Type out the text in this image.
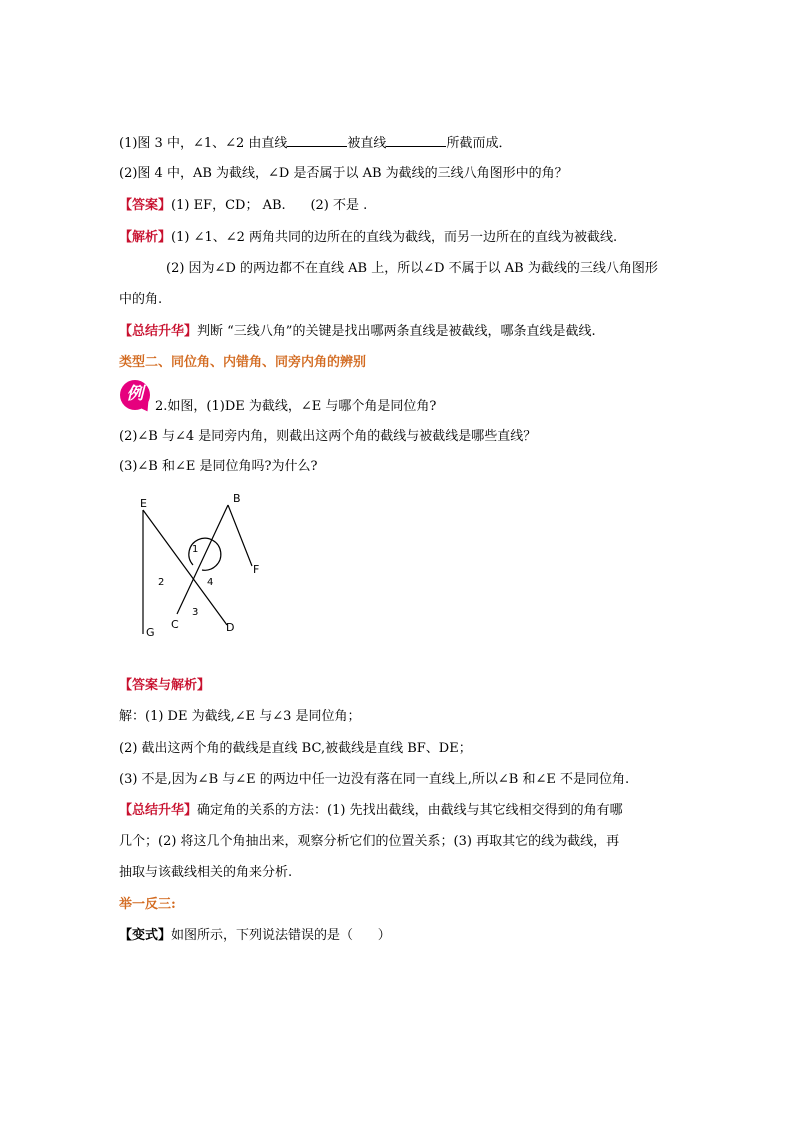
(1)图 3 中，∠1、∠2 由直线	被直线	所截而成．
(2)图 4 中，AB 为截线，∠D 是否属于以 AB 为截线的三线八角图形中的角？
【答案】(1) EF，CD； AB.      (2) 不是 .
【解析】(1) ∠1、∠2 两角共同的边所在的直线为截线，而另一边所在的直线为被截线.
(2) 因为∠D 的两边都不在直线 AB 上，所以∠D 不属于以 AB 为截线的三线八角图形
中的角.
【总结升华】判断 “三线八角”的关键是找出哪两条直线是被截线，哪条直线是截线.
类型二、同位角、内错角、同旁内角的辨别
例
2.如图，(1)DE 为截线，∠E 与哪个角是同位角?
(2)∠B 与∠4 是同旁内角，则截出这两个角的截线与被截线是哪些直线？
(3)∠B 和∠E 是同位角吗?为什么?
E	B
F
G
C	D
1
2
3
4
【答案与解析】
解：(1) DE 为截线,∠E 与∠3 是同位角；
(2) 截出这两个角的截线是直线 BC,被截线是直线 BF、DE；
(3) 不是,因为∠B 与∠E 的两边中任一边没有落在同一直线上,所以∠B 和∠E 不是同位角.
【总结升华】确定角的关系的方法：(1) 先找出截线，由截线与其它线相交得到的角有哪
几个；(2) 将这几个角抽出来，观察分析它们的位置关系；(3) 再取其它的线为截线，再
抽取与该截线相关的角来分析.
举一反三:
【变式】如图所示，下列说法错误的是（      ）
